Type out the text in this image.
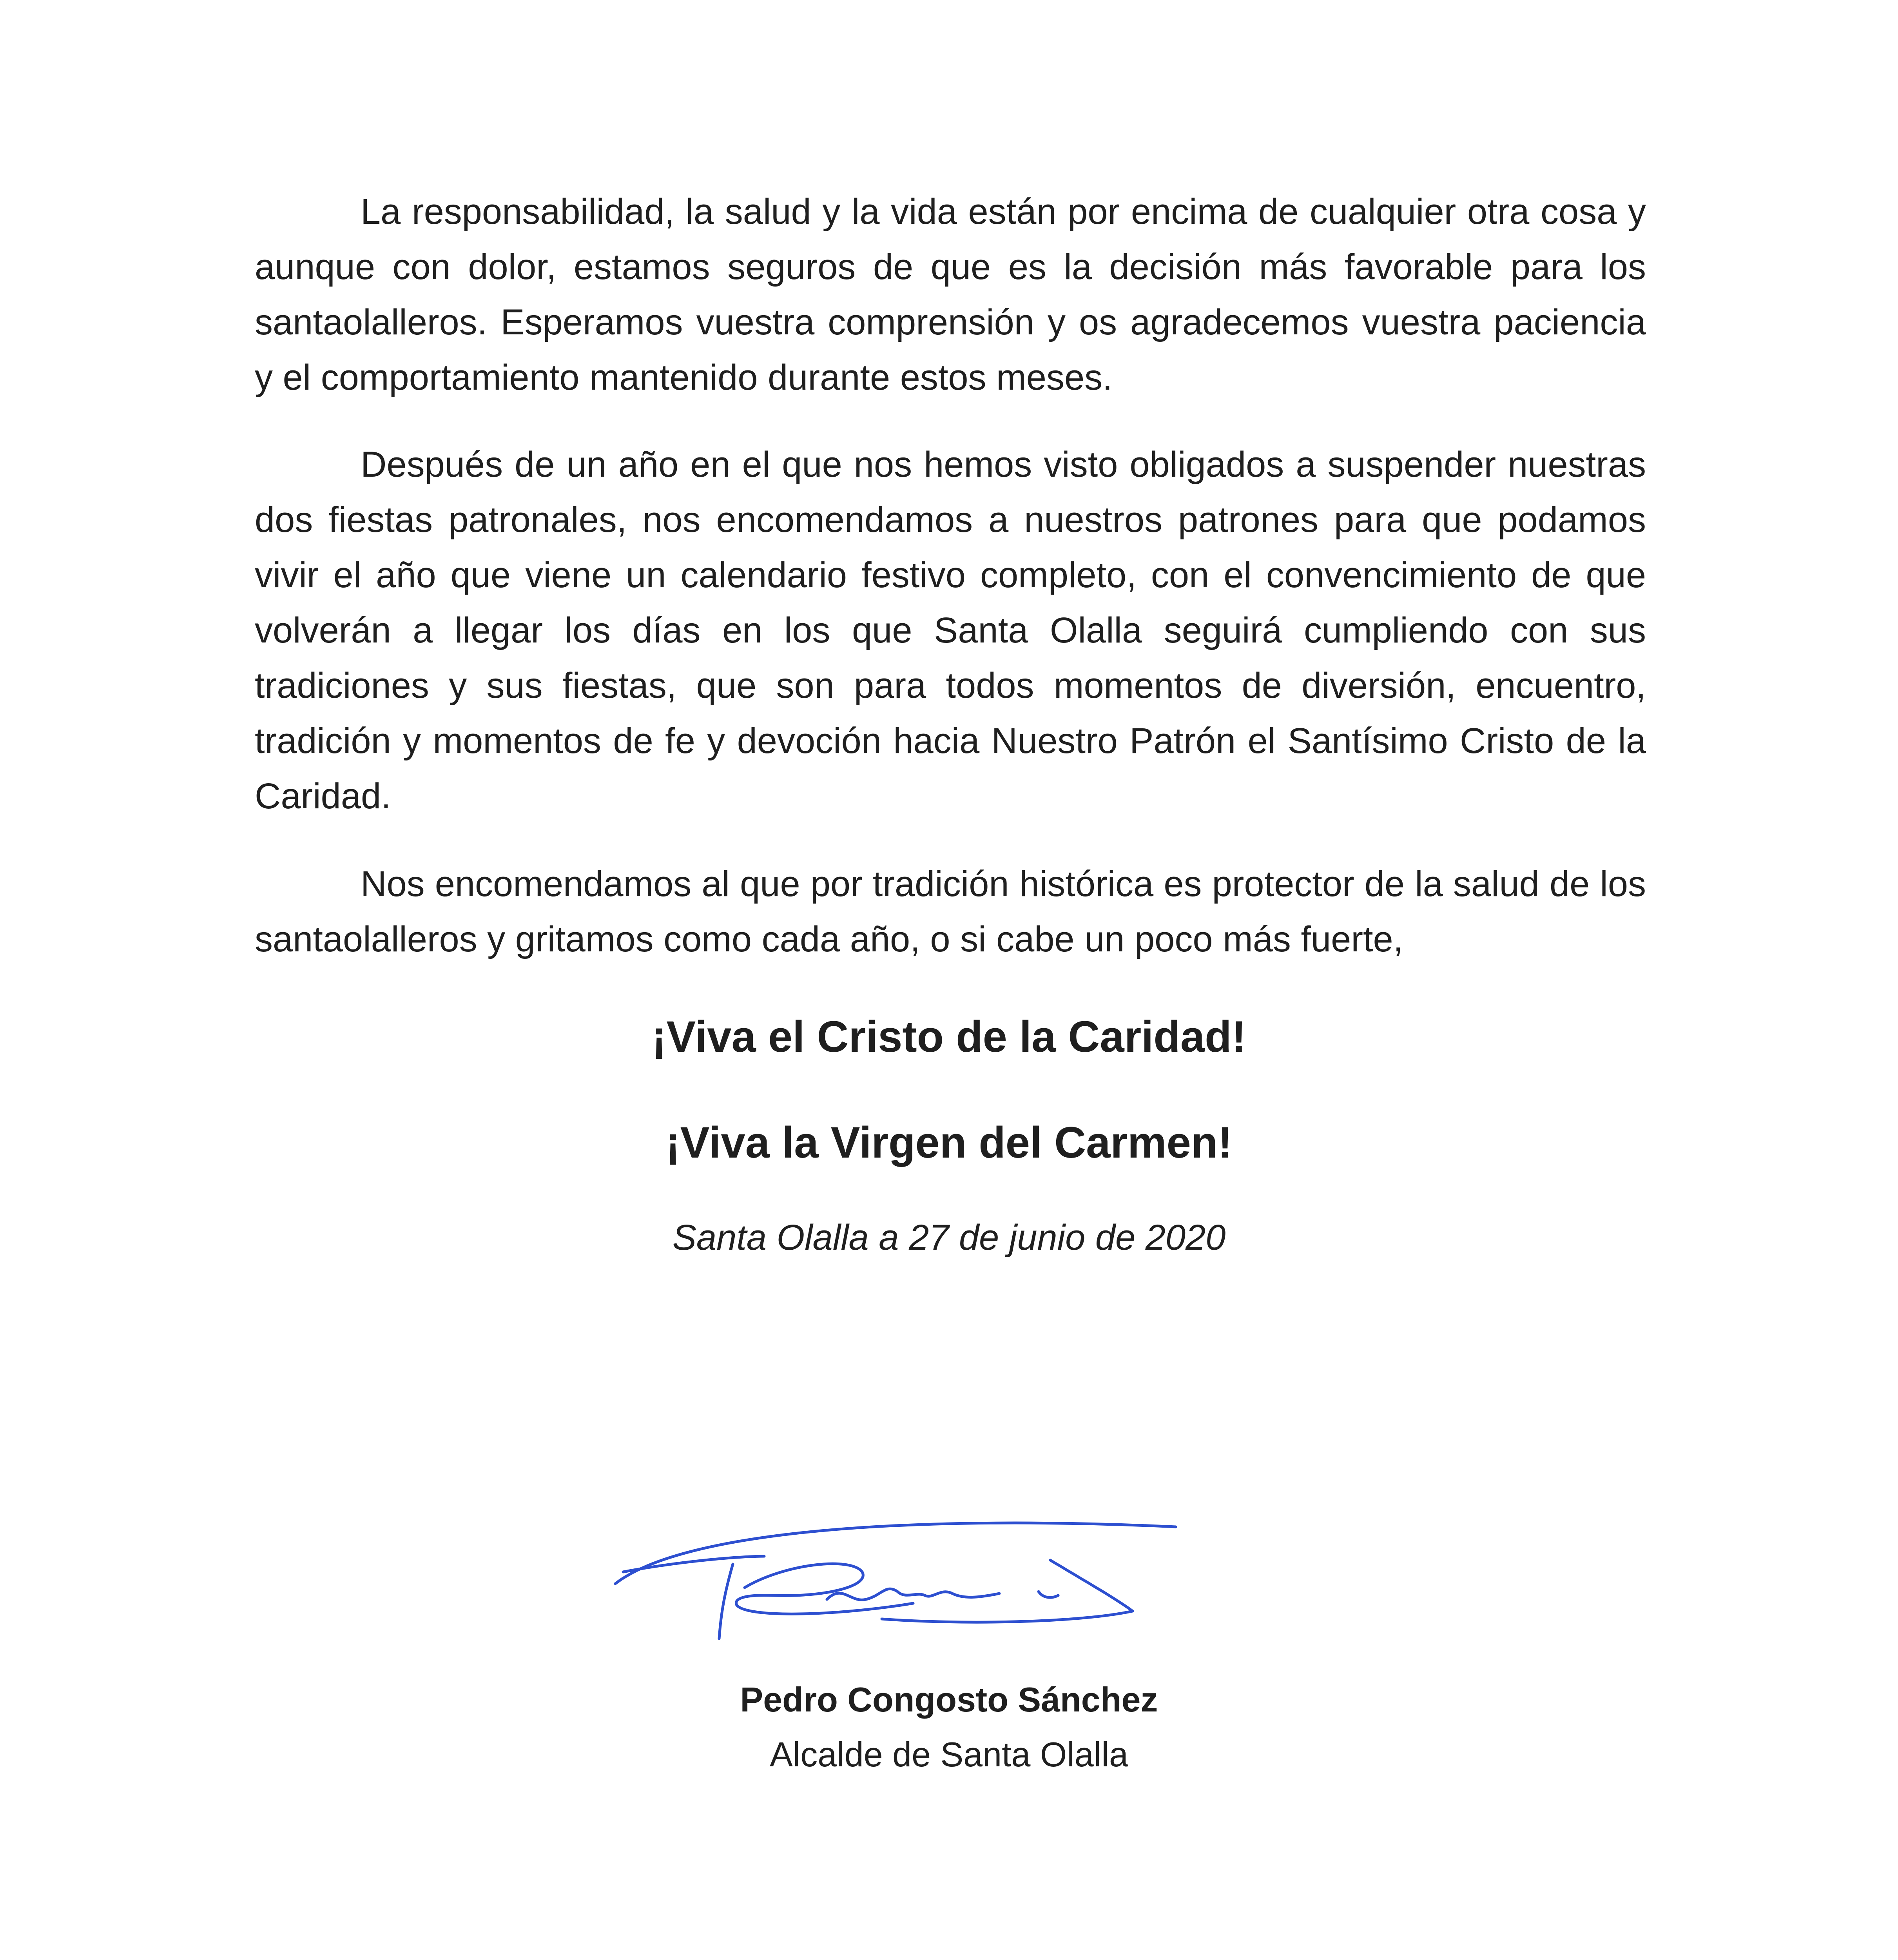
La responsabilidad, la salud y la vida están por encima de cualquier otra cosa y aunque con dolor, estamos seguros de que es la decisión más favorable para los santaolalleros. Esperamos vuestra comprensión y os agradecemos vuestra paciencia y el comportamiento mantenido durante estos meses.

Después de un año en el que nos hemos visto obligados a suspender nuestras dos fiestas patronales, nos encomendamos a nuestros patrones para que podamos vivir el año que viene un calendario festivo completo, con el convencimiento de que volverán a llegar los días en los que Santa Olalla seguirá cumpliendo con sus tradiciones y sus fiestas, que son para todos momentos de diversión, encuentro, tradición y momentos de fe y devoción hacia Nuestro Patrón el Santísimo Cristo de la Caridad.

Nos encomendamos al que por tradición histórica es protector de la salud de los santaolalleros y gritamos como cada año, o si cabe un poco más fuerte,

¡Viva el Cristo de la Caridad!

¡Viva la Virgen del Carmen!

Santa Olalla a 27 de junio de 2020

Pedro Congosto Sánchez

Alcalde de Santa Olalla
